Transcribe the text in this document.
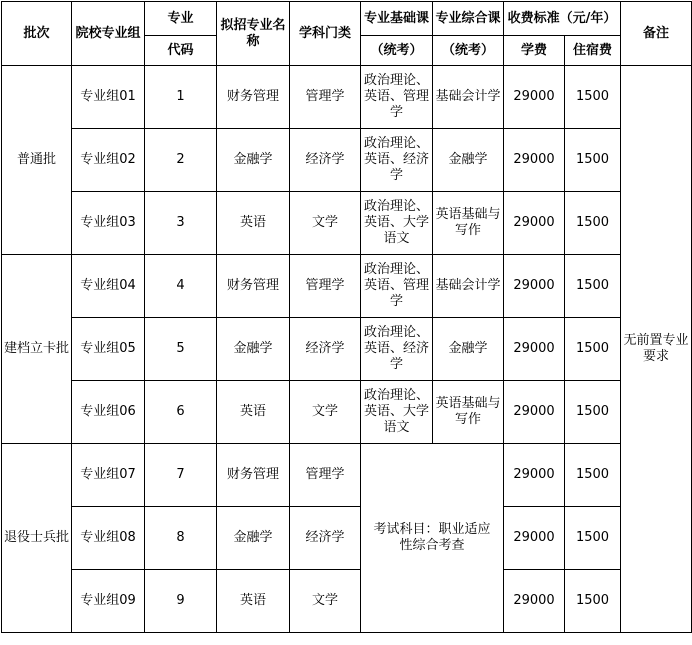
批次	院校专业组	专业	拟招专业名称	学科门类	专业基础课	专业综合课	收费标准（元/年）		备注
		代码			（统考）	（统考）	学费	住宿费	
普通批	专业组01	1	财务管理	管理学	政治理论、英语、管理学	基础会计学	29000	1500	无前置专业要求
	专业组02	2	金融学	经济学	政治理论、英语、经济学	金融学	29000	1500	
	专业组03	3	英语	文学	政治理论、英语、大学语文	英语基础与写作	29000	1500	
建档立卡批	专业组04	4	财务管理	管理学	政治理论、英语、管理学	基础会计学	29000	1500	
	专业组05	5	金融学	经济学	政治理论、英语、经济学	金融学	29000	1500	
	专业组06	6	英语	文学	政治理论、英语、大学语文	英语基础与写作	29000	1500	
退役士兵批	专业组07	7	财务管理	管理学	考试科目：职业适应性综合考查		29000	1500	
	专业组08	8	金融学	经济学			29000	1500	
	专业组09	9	英语	文学			29000	1500	
